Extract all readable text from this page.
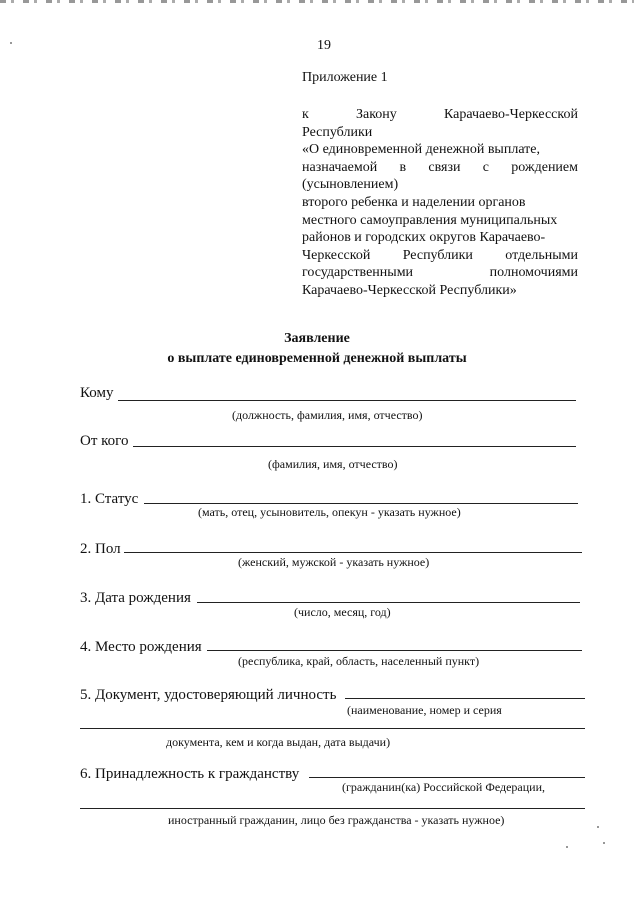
19
Приложение 1
к	Закону	Карачаево-Черкесской
Республики
«О единовременной денежной выплате,
назначаемой в связи с рождением
(усыновлением)
второго ребенка и наделении органов
местного самоуправления муниципальных
районов и городских округов Карачаево-
Черкесской Республики отдельными
государственными	полномочиями
Карачаево-Черкесской Республики»
Заявление
о выплате единовременной денежной выплаты
Кому
(должность, фамилия, имя, отчество)
От кого
(фамилия, имя, отчество)
1. Статус
(мать, отец, усыновитель, опекун - указать нужное)
2. Пол
(женский, мужской - указать нужное)
3. Дата рождения
(число, месяц, год)
4. Место рождения
(республика, край, область, населенный пункт)
5. Документ, удостоверяющий личность
(наименование, номер и серия
документа, кем и когда выдан, дата выдачи)
6. Принадлежность к гражданству
(гражданин(ка) Российской Федерации,
иностранный гражданин, лицо без гражданства - указать нужное)
